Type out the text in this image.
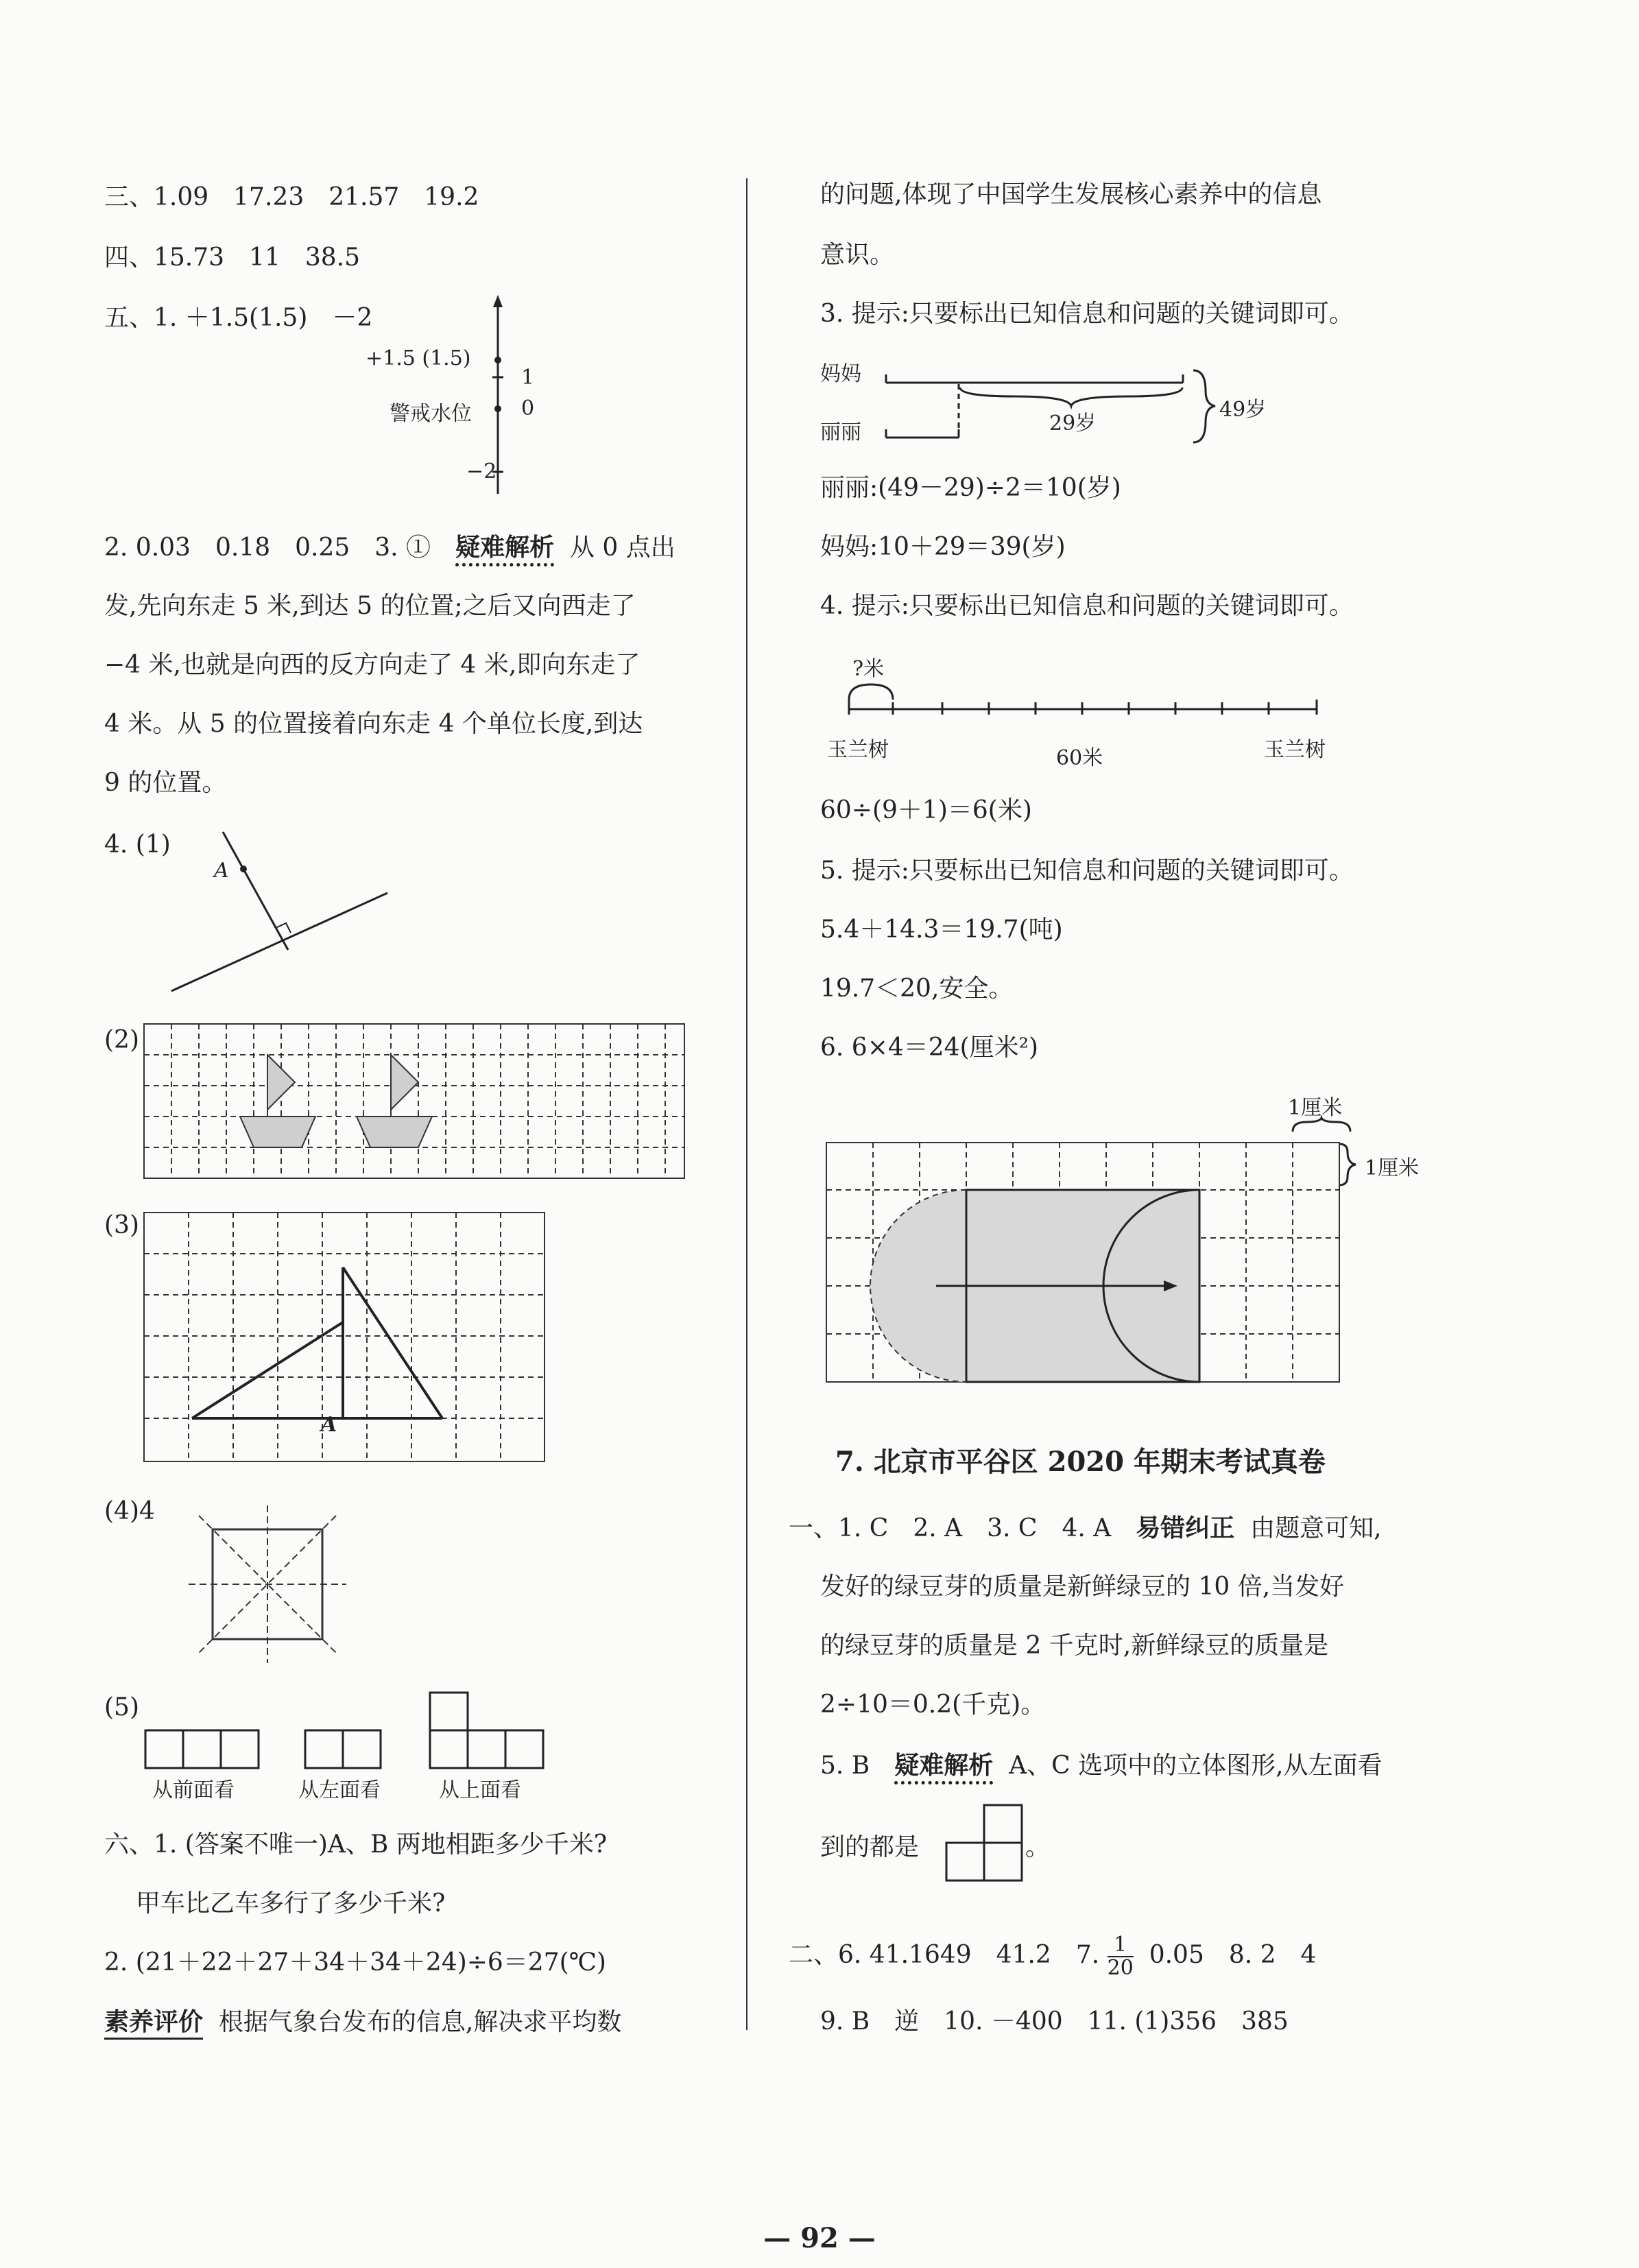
三、1.09　17.23　21.57　19.2
四、15.73　11　38.5
五、1. ＋1.5(1.5)　－2
+1.5 (1.5)
1
警戒水位 0
−2
2. 0.03　0.18　0.25　3. ①　疑难解析 从 0 点出
发,先向东走 5 米,到达 5 的位置;之后又向西走了
−4 米,也就是向西的反方向走了 4 米,即向东走了
4 米。从 5 的位置接着向东走 4 个单位长度,到达
9 的位置。
4. (1)
A
(2)
(3)
A
(4)4
(5)
从前面看	从左面看	从上面看
六、1. (答案不唯一)A、B 两地相距多少千米?
甲车比乙车多行了多少千米?
2. (21＋22＋27＋34＋34＋24)÷6＝27(℃)
素养评价 根据气象台发布的信息,解决求平均数
的问题,体现了中国学生发展核心素养中的信息
意识。
3. 提示:只要标出已知信息和问题的关键词即可。
妈妈
丽丽	29岁
49岁
丽丽:(49－29)÷2＝10(岁)
妈妈:10＋29＝39(岁)
4. 提示:只要标出已知信息和问题的关键词即可。
?米
玉兰树	60米	玉兰树
60÷(9＋1)＝6(米)
5. 提示:只要标出已知信息和问题的关键词即可。
5.4＋14.3＝19.7(吨)
19.7＜20,安全。
6. 6×4＝24(厘米²)
1厘米
1厘米
7. 北京市平谷区 2020 年期末考试真卷
一、1. C　2. A　3. C　4. A　易错纠正 由题意可知,
发好的绿豆芽的质量是新鲜绿豆的 10 倍,当发好
的绿豆芽的质量是 2 千克时,新鲜绿豆的质量是
2÷10＝0.2(千克)。
5. B　疑难解析 A、C 选项中的立体图形,从左面看
到的都是	。
二、6. 41.1649　41.2　7. $\frac{1}{20} 0.05$　8. 2　4
9. B　逆　10. －400　11. (1)356　385
— 92 —
